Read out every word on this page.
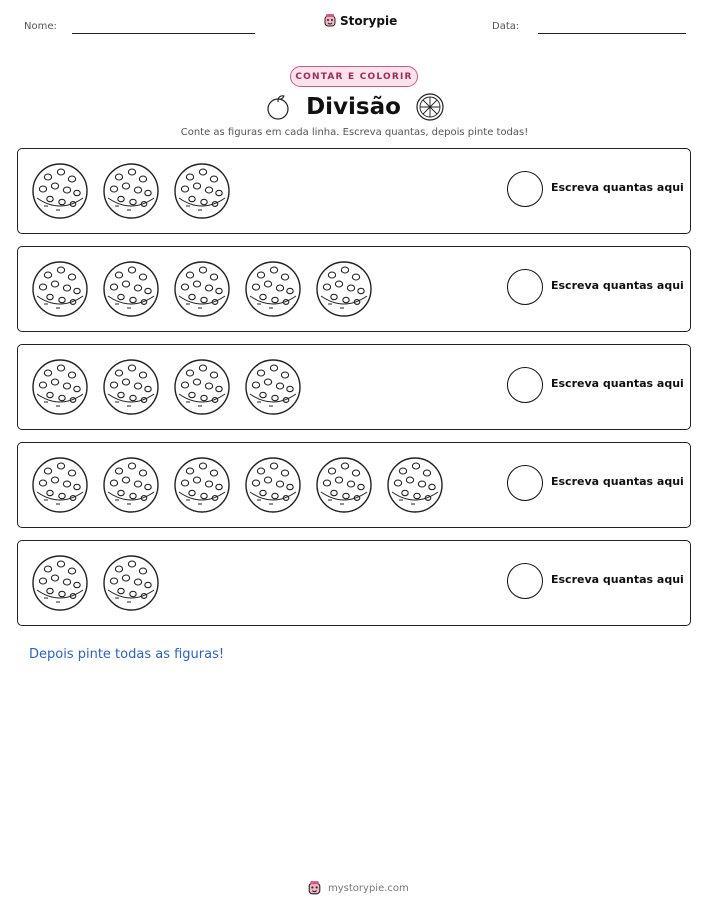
Nome:	Storypie	Data:
CONTAR E COLORIR
Divisão
Conte as figuras em cada linha. Escreva quantas, depois pinte todas!
Escreva quantas aqui
Escreva quantas aqui
Escreva quantas aqui
Escreva quantas aqui
Escreva quantas aqui
Depois pinte todas as figuras!
mystorypie.com
